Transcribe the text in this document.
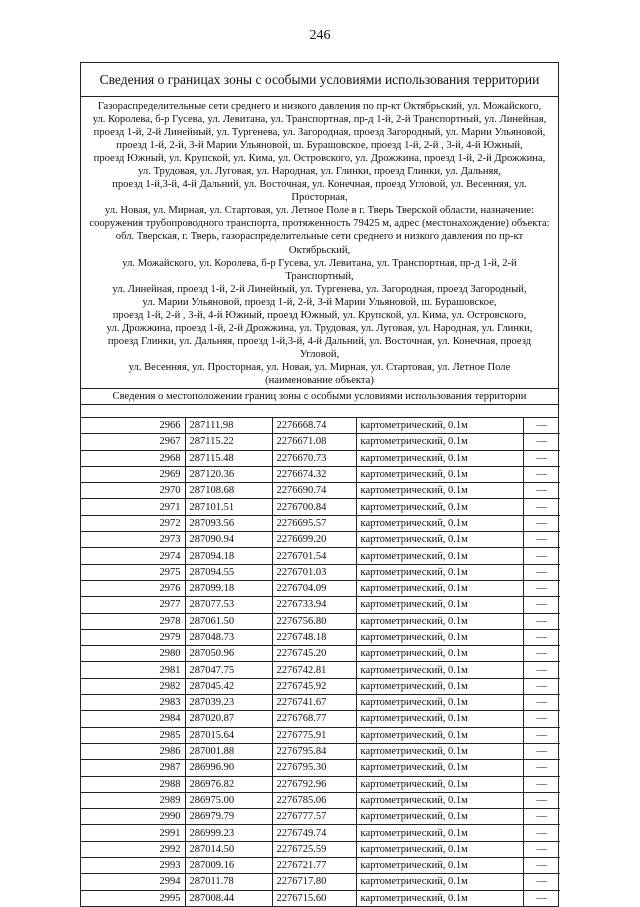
246
Сведения о границах зоны с особыми условиями использования территории
Газораспределительные сети среднего и низкого давления по пр-кт Октябрьский, ул. Можайского,
ул. Королева, б-р Гусева, ул. Левитана, ул. Транспортная, пр-д 1-й, 2-й Транспортный, ул. Линейная,
проезд 1-й, 2-й Линейный, ул. Тургенева, ул. Загородная, проезд Загородный, ул. Марии Ульяновой,
проезд 1-й, 2-й, 3-й Марии Ульяновой, ш. Бурашовское, проезд 1-й, 2-й , 3-й, 4-й Южный,
проезд Южный, ул. Крупской, ул. Кима, ул. Островского, ул. Дрожжина, проезд 1-й, 2-й Дрожжина,
ул. Трудовая, ул. Луговая, ул. Народная, ул. Глинки, проезд Глинки, ул. Дальняя,
проезд 1-й,3-й, 4-й Дальний, ул. Восточная, ул. Конечная, проезд Угловой, ул. Весенняя, ул. Просторная,
ул. Новая, ул. Мирная, ул. Стартовая, ул. Летное Поле в г. Тверь Тверской области, назначение:
сооружения трубопроводного транспорта, протяженность 79425 м, адрес (местонахождение) объекта:
обл. Тверская, г. Тверь, газораспределительные сети среднего и низкого давления по пр-кт Октябрьский,
ул. Можайского, ул. Королева, б-р Гусева, ул. Левитана, ул. Транспортная, пр-д 1-й, 2-й Транспортный,
ул. Линейная, проезд 1-й, 2-й Линейный, ул. Тургенева, ул. Загородная, проезд Загородный,
ул. Марии Ульяновой, проезд 1-й, 2-й, 3-й Марии Ульяновой, ш. Бурашовское,
проезд 1-й, 2-й , 3-й, 4-й Южный, проезд Южный, ул. Крупской, ул. Кима, ул. Островского,
ул. Дрожжина, проезд 1-й, 2-й Дрожжина, ул. Трудовая, ул. Луговая, ул. Народная, ул. Глинки,
проезд Глинки, ул. Дальняя, проезд 1-й,3-й, 4-й Дальний, ул. Восточная, ул. Конечная, проезд Угловой,
ул. Весенняя, ул. Просторная, ул. Новая, ул. Мирная, ул. Стартовая, ул. Летное Поле
(наименование объекта)
Сведения о местоположении границ зоны с особыми условиями использования территории
2966	287111.98	2276668.74	картометрический, 0.1м	—
2967	287115.22	2276671.08	картометрический, 0.1м	—
2968	287115.48	2276670.73	картометрический, 0.1м	—
2969	287120.36	2276674.32	картометрический, 0.1м	—
2970	287108.68	2276690.74	картометрический, 0.1м	—
2971	287101.51	2276700.84	картометрический, 0.1м	—
2972	287093.56	2276695.57	картометрический, 0.1м	—
2973	287090.94	2276699.20	картометрический, 0.1м	—
2974	287094.18	2276701.54	картометрический, 0.1м	—
2975	287094.55	2276701.03	картометрический, 0.1м	—
2976	287099.18	2276704.09	картометрический, 0.1м	—
2977	287077.53	2276733.94	картометрический, 0.1м	—
2978	287061.50	2276756.80	картометрический, 0.1м	—
2979	287048.73	2276748.18	картометрический, 0.1м	—
2980	287050.96	2276745.20	картометрический, 0.1м	—
2981	287047.75	2276742.81	картометрический, 0.1м	—
2982	287045.42	2276745.92	картометрический, 0.1м	—
2983	287039.23	2276741.67	картометрический, 0.1м	—
2984	287020.87	2276768.77	картометрический, 0.1м	—
2985	287015.64	2276775.91	картометрический, 0.1м	—
2986	287001.88	2276795.84	картометрический, 0.1м	—
2987	286996.90	2276795.30	картометрический, 0.1м	—
2988	286976.82	2276792.96	картометрический, 0.1м	—
2989	286975.00	2276785.06	картометрический, 0.1м	—
2990	286979.79	2276777.57	картометрический, 0.1м	—
2991	286999.23	2276749.74	картометрический, 0.1м	—
2992	287014.50	2276725.59	картометрический, 0.1м	—
2993	287009.16	2276721.77	картометрический, 0.1м	—
2994	287011.78	2276717.80	картометрический, 0.1м	—
2995	287008.44	2276715.60	картометрический, 0.1м	—
